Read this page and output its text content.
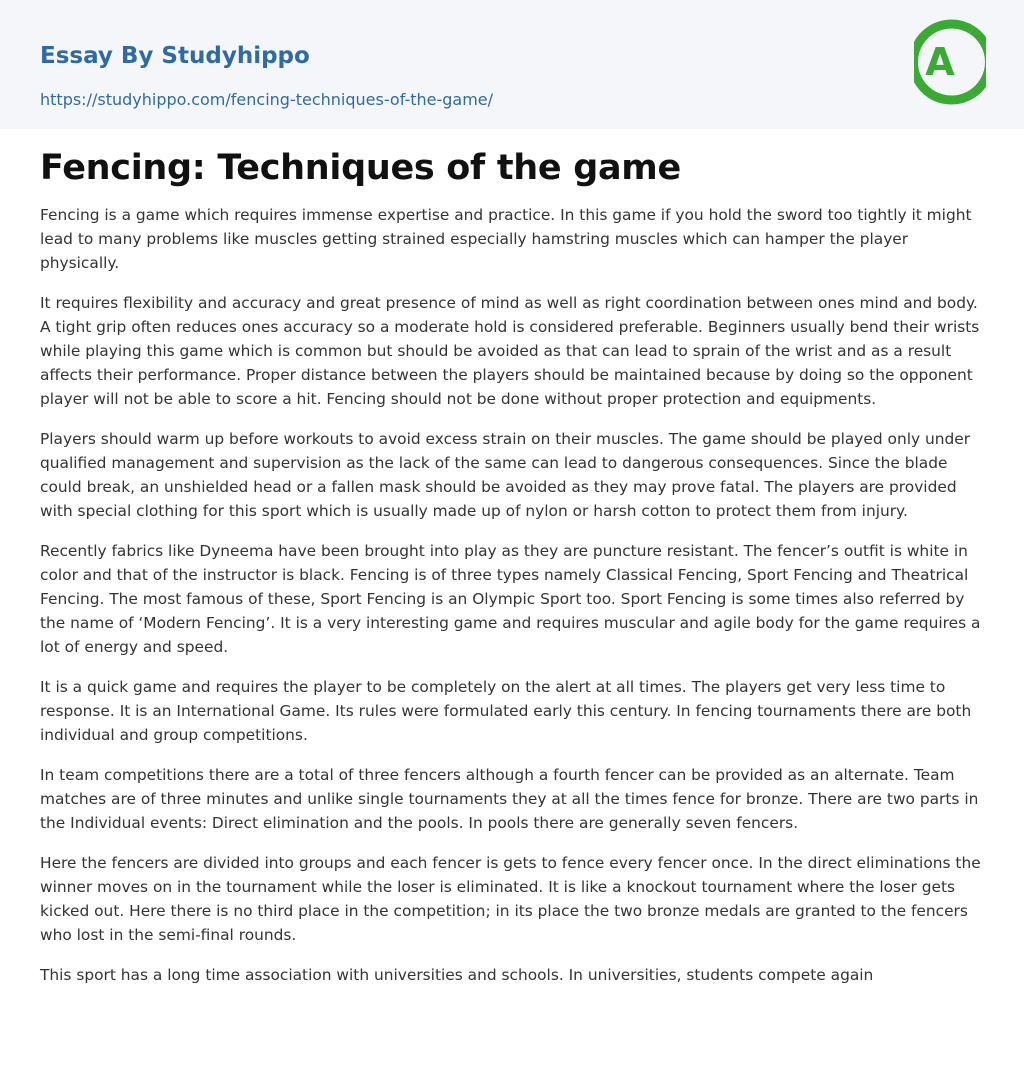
Essay By Studyhippo
https://studyhippo.com/fencing-techniques-of-the-game/
A
Fencing: Techniques of the game

Fencing is a game which requires immense expertise and practice. In this game if you hold the sword too tightly it might lead to many problems like muscles getting strained especially hamstring muscles which can hamper the player physically.

It requires flexibility and accuracy and great presence of mind as well as right coordination between ones mind and body. A tight grip often reduces ones accuracy so a moderate hold is considered preferable. Beginners usually bend their wrists while playing this game which is common but should be avoided as that can lead to sprain of the wrist and as a result affects their performance. Proper distance between the players should be maintained because by doing so the opponent player will not be able to score a hit. Fencing should not be done without proper protection and equipments.

Players should warm up before workouts to avoid excess strain on their muscles. The game should be played only under qualified management and supervision as the lack of the same can lead to dangerous consequences. Since the blade could break, an unshielded head or a fallen mask should be avoided as they may prove fatal. The players are provided with special clothing for this sport which is usually made up of nylon or harsh cotton to protect them from injury.

Recently fabrics like Dyneema have been brought into play as they are puncture resistant. The fencer’s outfit is white in color and that of the instructor is black. Fencing is of three types namely Classical Fencing, Sport Fencing and Theatrical Fencing. The most famous of these, Sport Fencing is an Olympic Sport too. Sport Fencing is some times also referred by the name of ‘Modern Fencing’. It is a very interesting game and requires muscular and agile body for the game requires a lot of energy and speed.

It is a quick game and requires the player to be completely on the alert at all times. The players get very less time to response. It is an International Game. Its rules were formulated early this century. In fencing tournaments there are both individual and group competitions.

In team competitions there are a total of three fencers although a fourth fencer can be provided as an alternate. Team matches are of three minutes and unlike single tournaments they at all the times fence for bronze. There are two parts in the Individual events: Direct elimination and the pools. In pools there are generally seven fencers.

Here the fencers are divided into groups and each fencer is gets to fence every fencer once. In the direct eliminations the winner moves on in the tournament while the loser is eliminated. It is like a knockout tournament where the loser gets kicked out. Here there is no third place in the competition; in its place the two bronze medals are granted to the fencers who lost in the semi-final rounds.

This sport has a long time association with universities and schools. In universities, students compete again
